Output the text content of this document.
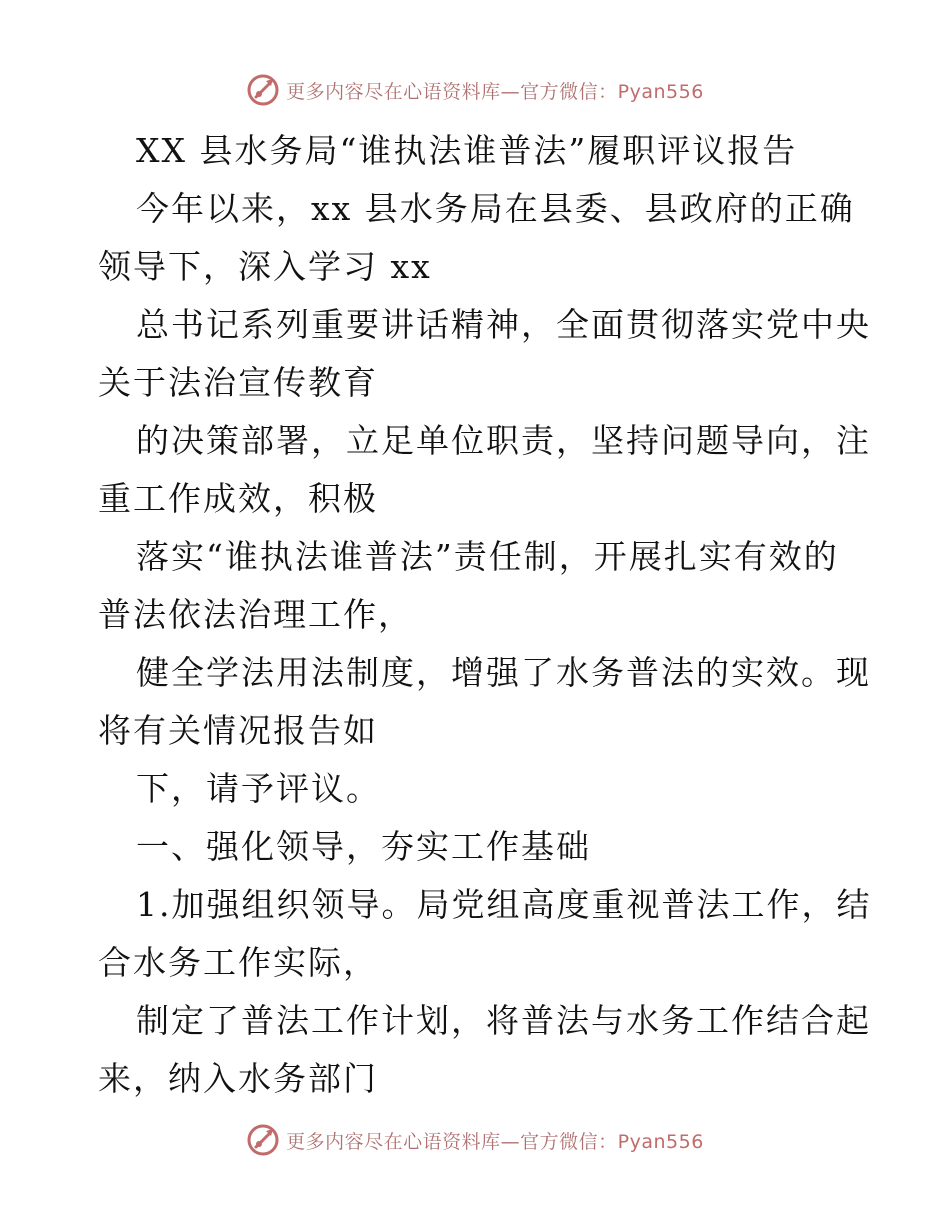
更多内容尽在心语资料库—官方微信：Pyan556
XX 县水务局“谁执法谁普法”履职评议报告
今年以来，xx 县水务局在县委、县政府的正确
领导下，深入学习 xx
总书记系列重要讲话精神，全面贯彻落实党中央
关于法治宣传教育
的决策部署，立足单位职责，坚持问题导向，注
重工作成效，积极
落实“谁执法谁普法”责任制，开展扎实有效的
普法依法治理工作，
健全学法用法制度，增强了水务普法的实效。现
将有关情况报告如
下，请予评议。
一、强化领导，夯实工作基础
1.加强组织领导。局党组高度重视普法工作，结
合水务工作实际，
制定了普法工作计划，将普法与水务工作结合起
来，纳入水务部门
更多内容尽在心语资料库—官方微信：Pyan556
